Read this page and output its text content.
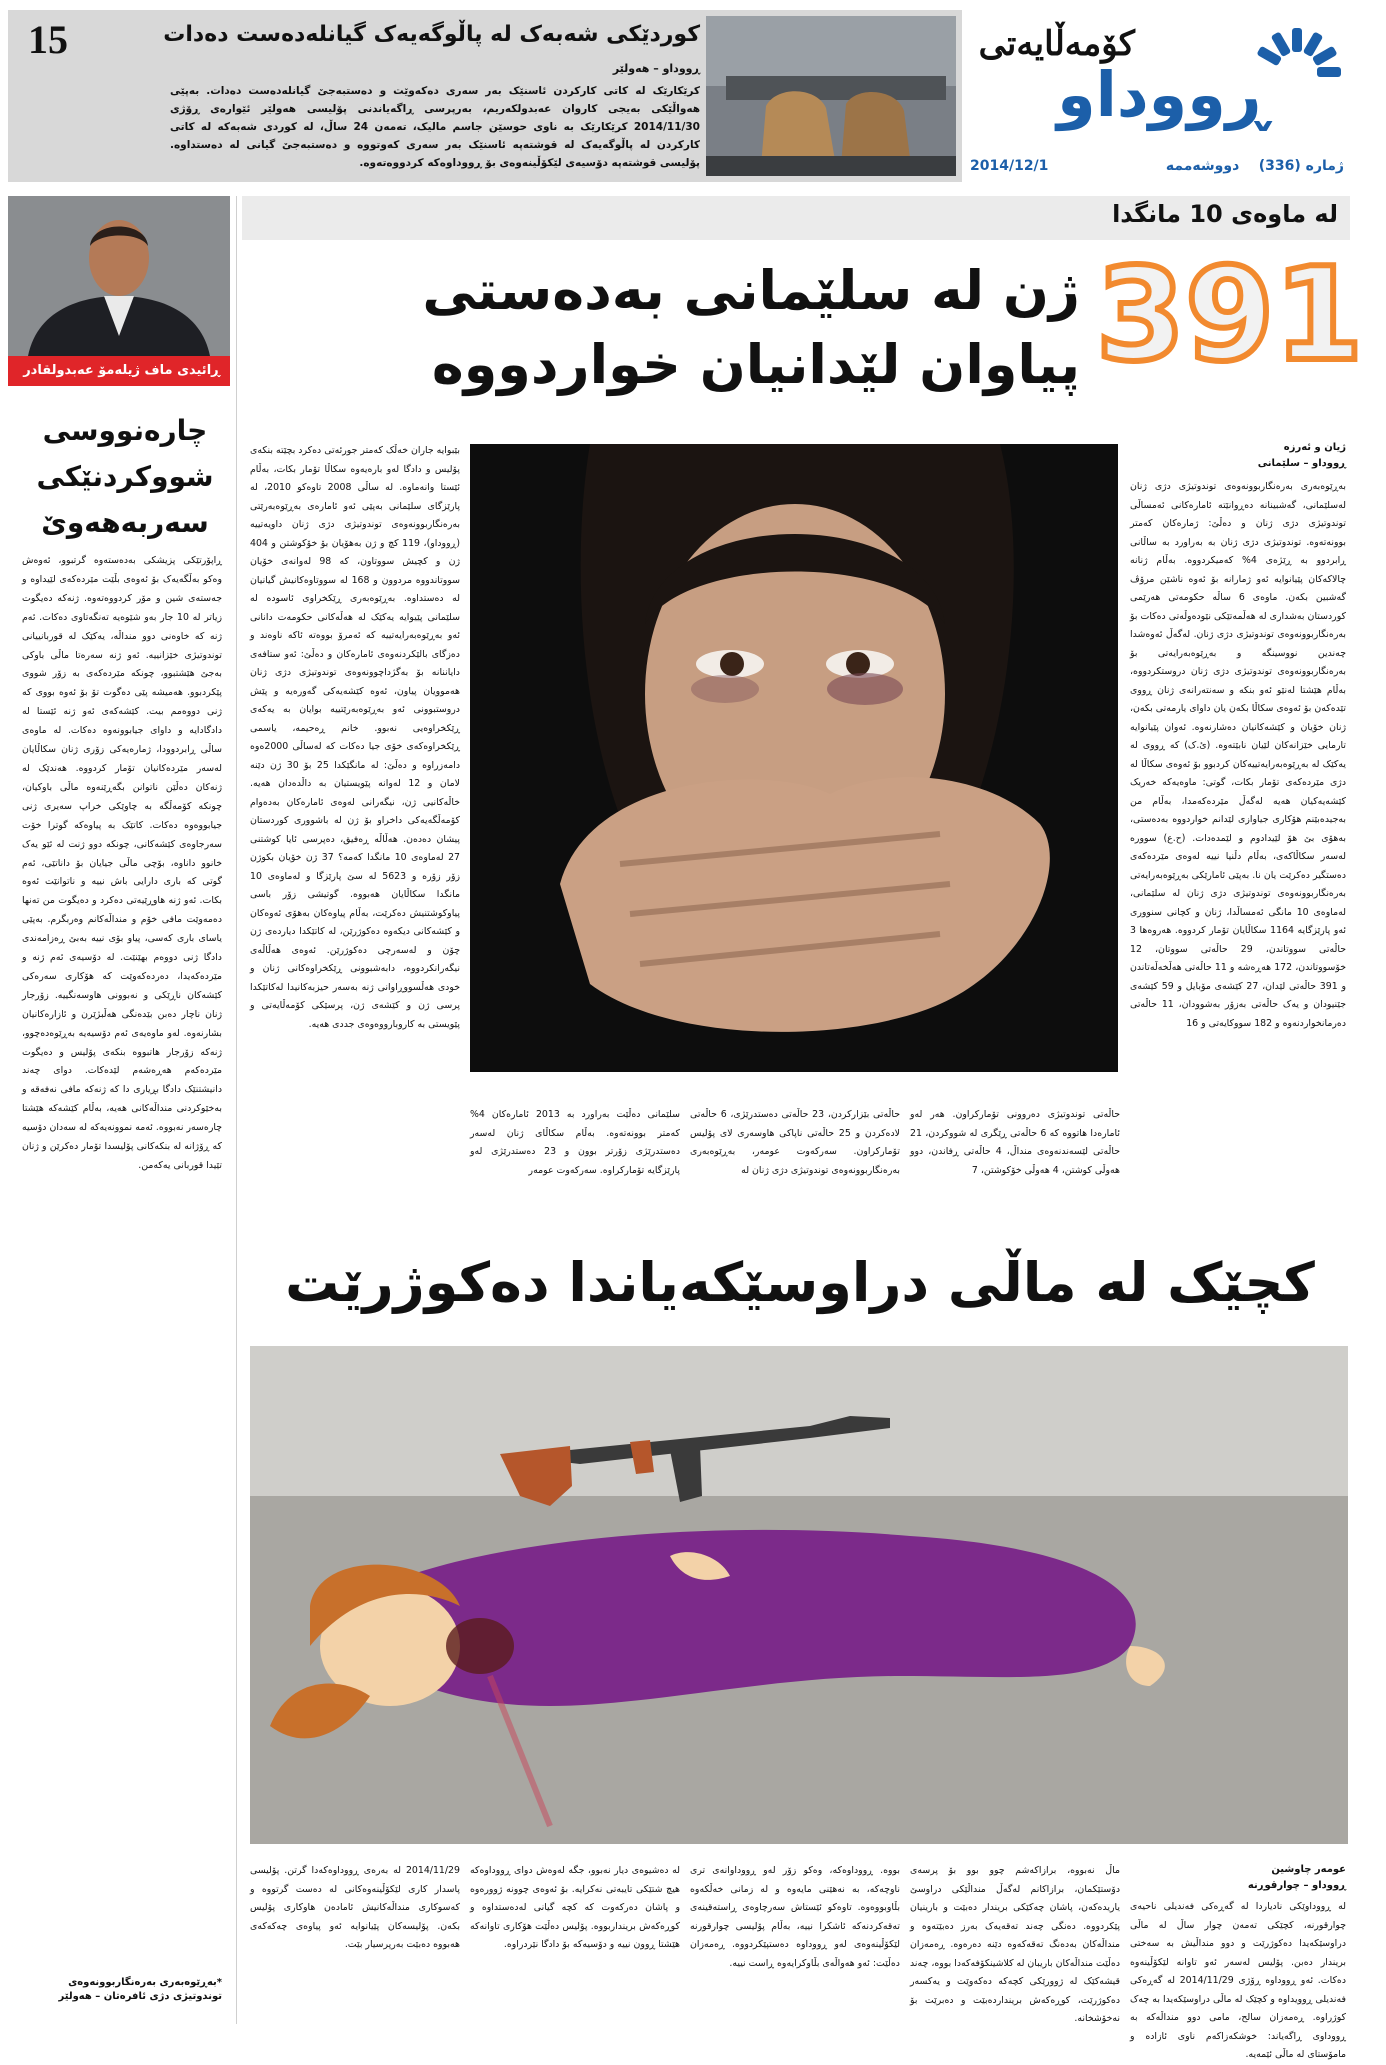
15	کوردێکی شەبەک لە پاڵوگەیەک گیانلەدەست دەدات
ڕووداو – هەولێر
کرێکارێک لە کاتی کارکردن ئاسنێک بەر سەری دەکەوێت و دەستبەجێ گیانلەدەست دەدات. بەپێی هەواڵێکی بەیجی کاروان عەبدولکەریم، بەرپرسی ڕاگەیاندنی پۆلیسی هەولێر ئێوارەی ڕۆژی 2014/11/30 کرێکارێک بە ناوی حوسێن جاسم مالیک، تەمەن 24 ساڵ، لە کوردی شەبەکە لە کاتی کارکردن لە پاڵوگەیەک لە قوشتەپە ئاسنێک بەر سەری کەوتووە و دەستبەجێ گیانی لە دەستداوە. پۆلیسی قوشتەپە دۆسیەی لێکۆڵینەوەی بۆ ڕووداوەکە کردووەتەوە.
کۆمەڵایەتی
ڕووداو
ژمارە (336)    دووشەممە
2014/12/1
ڕائیدی ماف ژیلەمۆ عەبدولقادر
چارەنووسی
شووکردنێکی
سەربەهەوێ
ڕاپۆرتێکی پزیشکی بەدەستەوە گرتبوو، ئەوەش وەکو بەڵگەیەک بۆ ئەوەی بڵێت مێردەکەی لێیداوە و جەستەی شین و مۆر کردووەتەوە. ژنەکە دەیگوت زیاتر لە 10 جار بەو شێوەیە تەنگەتاوی دەکات. ئەم ژنە کە خاوەنی دوو منداڵە، یەکێک لە قوربانییانی توندوتیژی خێزانییە. ئەو ژنە سەرەتا ماڵی باوکی بەجێ هێشتبوو، چونکە مێردەکەی بە زۆر شووی پێکردبوو. هەمیشە پێی دەگوت تۆ بۆ ئەوە بووی کە ژنی دووەمم بیت. کێشەکەی ئەو ژنە ئێستا لە دادگادایە و داوای جیابوونەوە دەکات. لە ماوەی ساڵی ڕابردوودا، ژمارەیەکی زۆری ژنان سکاڵایان لەسەر مێردەکانیان تۆمار کردووە. هەندێک لە ژنەکان دەڵێن ناتوانن بگەڕێنەوە ماڵی باوکیان، چونکە کۆمەڵگە بە چاوێکی خراپ سەیری ژنی جیابووەوە دەکات. کاتێک بە پیاوەکە گوترا خۆت سەرجاوەی کێشەکانی، چونکە دوو ژنت لە ئێو یەک خانوو داناوە، بۆچی ماڵی جیایان بۆ داناتێی، ئەم گوتی کە باری دارایی باش نییە و ناتوانێت ئەوە بکات. ئەو ژنە هاوڕێیەتی دەکرد و دەیگوت من تەنها دەمەوێت مافی خۆم و منداڵەکانم وەربگرم. بەپێی یاسای باری کەسی، پیاو بۆی نییە بەبێ ڕەزامەندی دادگا ژنی دووەم بهێنێت. لە دۆسیەی ئەم ژنە و مێردەکەیدا، دەردەکەوێت کە هۆکاری سەرەکی کێشەکان ناڕێکی و نەبوونی هاوسەنگییە. زۆرجار ژنان ناچار دەبن بێدەنگی هەڵبژێرن و ئازارەکانیان بشارنەوە. لەو ماوەیەی ئەم دۆسیەیە بەڕێوەدەچوو، ژنەکە زۆرجار هاتبووە بنکەی پۆلیس و دەیگوت مێردەکەم هەڕەشەم لێدەکات. دوای چەند دانیشتنێک دادگا بڕیاری دا کە ژنەکە مافی نەفەقە و بەخێوکردنی منداڵەکانی هەیە، بەڵام کێشەکە هێشتا چارەسەر نەبووە. ئەمە نموونەیەکە لە سەدان دۆسیە کە ڕۆژانە لە بنکەکانی پۆلیسدا تۆمار دەکرێن و ژنان تێیدا قوربانی یەکەمن.
*بەڕێوەبەری بەرەنگاربوونەوەی توندوتیژی دژی ئافرەتان – هەولێر
لە ماوەی 10 مانگدا
391
ژن لە سلێمانی بەدەستی پیاوان لێدانیان خواردووە
ژیان و ئەرزە
ڕووداو – سلێمانی
بەڕێوەبەری بەرەنگاربوونەوەی توندوتیژی دژی ژنان لەسلێمانی، گەشبینانە دەڕوانێتە ئامارەکانی ئەمساڵی توندوتیژی دژی ژنان و دەڵێ: ژمارەکان کەمتر بوونەتەوە. توندوتیژی دژی ژنان بە بەراورد بە ساڵانی ڕابردوو بە ڕێژەی 4% کەمیکردووە. بەڵام ژنانە چالاکەکان پێیانوایە ئەو ژمارانە بۆ ئەوە ناشێن مرۆڤ گەشبین بکەن. ماوەی 6 ساڵە حکومەتی هەرێمی کوردستان بەشداری لە هەڵمەتێکی نێودەوڵەتی دەکات بۆ بەرەنگاربوونەوەی توندوتیژی دژی ژنان. لەگەڵ ئەوەشدا چەندین نووسینگە و بەڕێوەبەرایەتی بۆ بەرەنگاربوونەوەی توندوتیژی دژی ژنان دروستکردووە، بەڵام هێشتا لەنێو ئەو بنکە و سەنتەرانەی ژنان ڕووی تێدەکەن بۆ ئەوەی سکاڵا بکەن یان داوای یارمەتی بکەن، ژنان خۆیان و کێشەکانیان دەشارنەوە. ئەوان پێیانوایە تارمایی خێزانەکان لێیان نابێتەوە. (ئ.ک) کە ڕووی لە یەکێک لە بەڕێوەبەرایەتییەکان کردبوو بۆ ئەوەی سکاڵا لە دژی مێردەکەی تۆمار بکات، گوتی: ماوەیەکە خەریک کێشەیەکیان هەیە لەگەڵ مێردەکەمدا، بەڵام من بەجیدەبێنم هۆکاری جیاوازی لێدانم خواردووە بەدەستی، بەهۆی بێ هۆ لێیدادوم و لێمدەدات. (ح.ع) سوورە لەسەر سکاڵاکەی، بەڵام دڵنیا نییە لەوەی مێردەکەی دەستگیر دەکرێت یان نا. بەپێی ئامارێکی بەڕێوەبەرایەتی بەرەنگاربوونەوەی توندوتیژی دژی ژنان لە سلێمانی، لەماوەی 10 مانگی ئەمساڵدا، ژنان و کچانی سنووری ئەو پارێزگایە 1164 سکاڵایان تۆمار کردووە. هەروەها 3 حاڵەتی سووتاندن، 29 حاڵەتی سووتان، 12 خۆسووتاندن، 172 هەڕەشە و 11 حاڵەتی هەڵخەڵەتاندن و 391 حاڵەتی لێدان، 27 کێشەی مۆبایل و 59 کێشەی جێنیودان و یەک حاڵەتی بەزۆر بەشوودان، 11 حاڵەتی دەرمانخواردنەوە و 182 سووکایەتی و 16
بێبوایە جاران خەڵک کەمتر جورئەتی دەکرد بچێتە بنکەی پۆلیس و دادگا لەو بارەیەوە سکاڵا تۆمار بکات، بەڵام ئێستا وانەماوە. لە ساڵی 2008 تاوەکو 2010، لە پارێزگای سلێمانی بەپێی ئەو ئامارەی بەڕێوەبەرێتی بەرەنگاربوونەوەی توندوتیژی دژی ژنان داویەتییە (ڕووداو)، 119 کچ و ژن بەهۆیان بۆ خۆکوشتن و 404 ژن و کچیش سووتاون، کە 98 لەوانەی خۆیان سووتاندووە مردوون و 168 لە سووتاوەکانیش گیانیان لە دەستداوە. بەڕێوەبەری ڕێکخراوی ئاسودە لە سلێمانی پێیوایە یەکێک لە هەڵەکانی حکومەت دانانی ئەو بەڕێوەبەرایەتییە کە ئەمرۆ بووەتە ئاکە ناوەند و دەزگای بالێکردنەوەی ئامارەکان و دەڵێ: ئەو ستافەی دایاننانە بۆ بەگژداچوونەوەی توندوتیژی دژی ژنان هەموویان پیاون، ئەوە کێشەیەکی گەورەیە و پێش دروستبوونی ئەو بەڕێوەبەرێتییە بوایان بە یەکەی ڕێکخراوەیی نەبوو. خانم ڕەحیمە، یاسمی ڕێکخراوەکەی خۆی جیا دەکات کە لەساڵی 2000ەوە دامەزراوە و دەڵێ: لە مانگێکدا 25 بۆ 30 ژن دێنە لامان و 12 لەوانە پێویستیان بە داڵدەدان هەیە. خاڵەکانیی ژن، نیگەرانی لەوەی ئامارەکان بەدەوام کۆمەڵگەیەکی داخراو بۆ ژن لە باشووری کوردستان پیشان دەدەن. هەڵاڵە ڕەفیق، دەپرسی ئایا کوشتنی 27 لەماوەی 10 مانگدا کەمە؟ 37 ژن خۆیان بکوژن زۆر زۆرە و 5623 لە سێ پارێزگا و لەماوەی 10 مانگدا سکاڵایان هەبووە. گوتیشی زۆر باسی پیاوکوشتنیش دەکرێت، بەڵام پیاوەکان بەهۆی ئەوەکان و کێشەکانی دیکەوە دەکوژرێن، لە کاتێکدا دیاردەی ژن چۆن و لەسەرچی دەکوژرێن. ئەوەی هەڵاڵەی نیگەرانکردووە، دابەشبوونی ڕێکخراوەکانی ژنان و خودی هەڵسووڕاوانی ژنە بەسەر حیزبەکانیدا لەکاتێکدا پرسی ژن و کێشەی ژن، پرسێکی کۆمەڵایەتی و پێویستی بە کاروبارووەوەی جددی هەیە.
حاڵەتی توندوتیژی دەروونی تۆمارکراون. هەر لەو ئامارەدا هاتووە کە 6 حاڵەتی ڕێگری لە شووکردن، 21 حاڵەتی لێسەندنەوەی منداڵ، 4 حاڵەتی ڕفاندن، دوو هەوڵی کوشتن، 4 هەوڵی خۆکوشتن، 7
حاڵەتی بێزارکردن، 23 حاڵەتی دەستدرێژی، 6 حاڵەتی لادەکردن و 25 حاڵەتی ناپاکی هاوسەری لای پۆلیس تۆمارکراون. سەرکەوت عومەر، بەڕێوەبەری بەرەنگاربوونەوەی توندوتیژی دژی ژنان لە
سلێمانی دەڵێت بەراورد بە 2013 ئامارەکان 4% کەمتر بوونەتەوە. بەڵام سکاڵای ژنان لەسەر دەستدرێژی زۆرتر بوون و 23 دەستدرێژی لەو پارێزگایە تۆمارکراوە. سەرکەوت عومەر
کچێک لە ماڵی دراوسێکەیاندا دەکوژرێت
عومەر چاوشین
ڕووداو – چوارقوڕنە
لە ڕووداوێکی نادیاردا لە گەڕەکی فەندیلی ناحیەی چوارقورنە، کچێکی تەمەن چوار ساڵ لە ماڵی دراوسێکەیدا دەکوژرێت و دوو منداڵیش بە سەختی بریندار دەبن. پۆلیس لەسەر ئەو تاوانە لێکۆڵینەوە دەکات. ئەو ڕووداوە ڕۆژی 2014/11/29 لە گەڕەکی فەندیلی ڕوویداوە و کچێک لە ماڵی دراوسێکەیدا بە چەک کوژراوە. ڕەمەزان سالح، مامی دوو منداڵەکە بە ڕووداوی ڕاگەیاند: خوشکەزاکەم ناوی ئازادە و مامۆستای لە ماڵی ئێمەیە.
ماڵ نەبووە، برازاکەشم چوو بوو بۆ پرسەی دۆستێکمان، برازاکانم لەگەڵ منداڵێکی دراوسێ یاریدەکەن، پاشان چەکێکی بریندار دەبێت و بارینیان پێکردووە. دەنگی چەند تەقەیەک بەرز دەبێتەوە و منداڵەکان بەدەنگ تەقەکەوە دێنە دەرەوە. ڕەمەزان دەڵێت منداڵەکان باریبان لە کلاشینکۆفەکەدا بووە، چەند قیشەکێک لە ژوورێکی کچەکە دەکەوێت و یەکسەر دەکوژرێت، کوڕەکەش برینداردەبێت و دەبرێت بۆ نەخۆشخانە.
بووە. ڕووداوەکە، وەکو زۆر لەو ڕووداوانەی تری ناوچەکە، بە نەهێنی مایەوە و لە زمانی خەڵکەوە بڵاوبووەوە. تاوەکو ئێستاش سەرچاوەی ڕاستەقینەی تەقەکردنەکە ئاشکرا نییە، بەڵام پۆلیسی چوارقورنە لێکۆڵینەوەی لەو ڕووداوە دەستپێکردووە. ڕەمەزان دەڵێت: ئەو هەواڵەی بڵاوکرایەوە ڕاست نییە.
لە دەشیوەی دیار نەبوو، جگە لەوەش دوای ڕووداوەکە هیچ شتێکی تایبەتی نەکرایە. بۆ ئەوەی چوونە ژوورەوە و پاشان دەرکەوت کە کچە گیانی لەدەستداوە و کوڕەکەش برینداربووە. پۆلیس دەڵێت هۆکاری تاوانەکە هێشتا ڕوون نییە و دۆسیەکە بۆ دادگا نێردراوە.
2014/11/29 لە بەرەی ڕووداوەکەدا گرتن. پۆلیسی پاسدار کاری لێکۆڵینەوەکانی لە دەست گرتووە و کەسوکاری منداڵەکانیش ئامادەن هاوکاری پۆلیس بکەن. پۆلیسەکان پێیانوایە ئەو پیاوەی چەکەکەی هەبووە دەبێت بەرپرسیار بێت.
